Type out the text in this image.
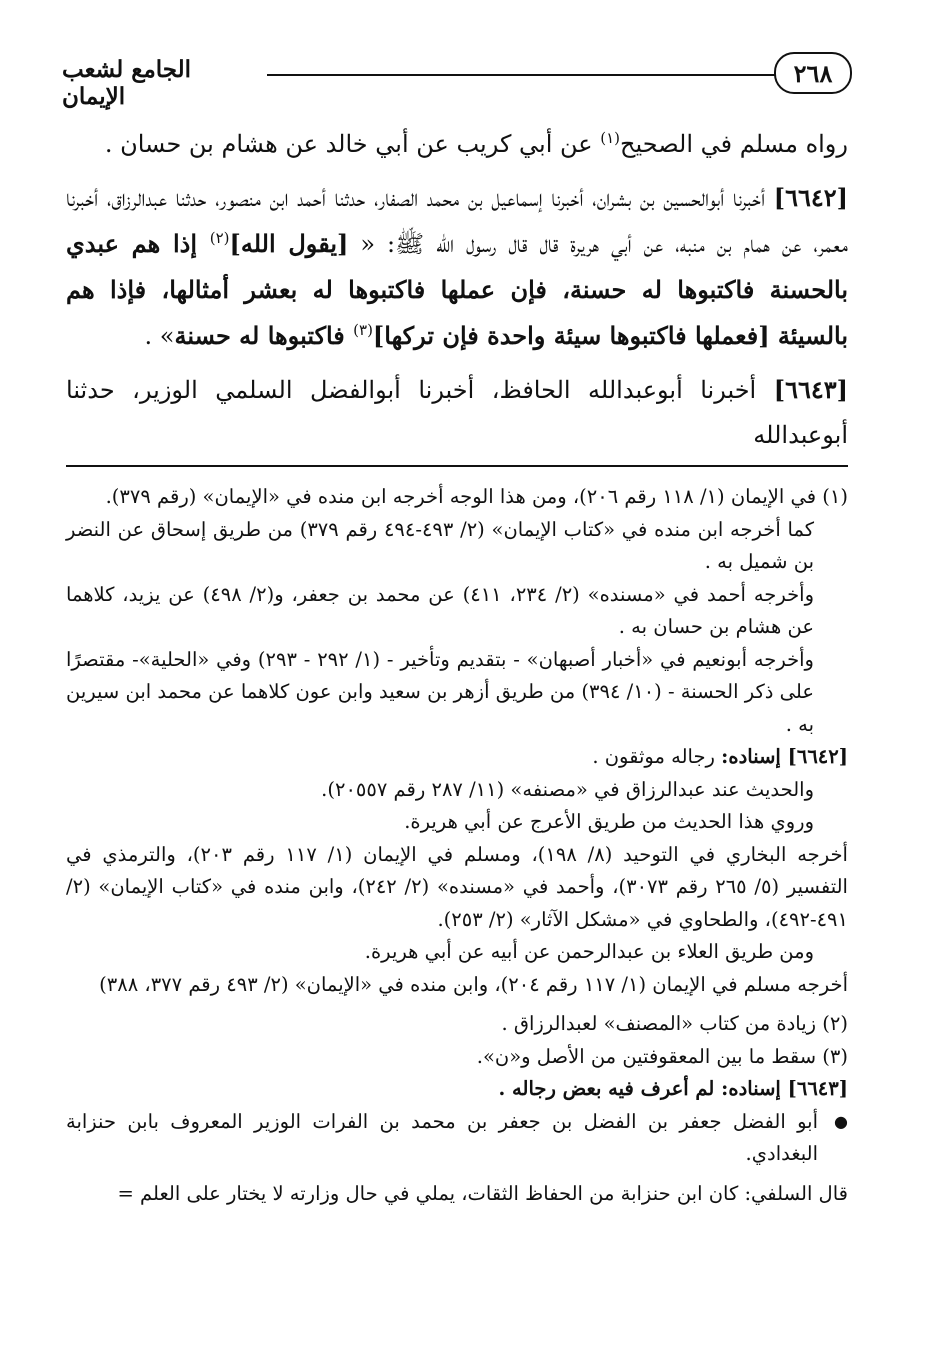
٢٦٨
الجامع لشعب الإيمان

رواه مسلم في الصحيح$^{(١)}$ عن أبي كريب عن أبي خالد عن هشام بن حسان .

[٦٦٤٢] أخبرنا أبوالحسين بن بشران، أخبرنا إسماعيل بن محمد الصفار، حدثنا أحمد ابن منصور، حدثنا عبدالرزاق، أخبرنا معمر، عن همام بن منبه، عن أبي هريرة قال قال رسول الله ﷺ: « [يقول الله]$^{(٢)}$ إذا هم عبدي بالحسنة فاكتبوها له حسنة، فإن عملها فاكتبوها له بعشر أمثالها، فإذا هم بالسيئة [فعملها فاكتبوها سيئة واحدة فإن تركها]$^{(٣)}$ فاكتبوها له حسنة» .

[٦٦٤٣] أخبرنا أبوعبدالله الحافظ، أخبرنا أبوالفضل السلمي الوزير، حدثنا أبوعبدالله

(١) في الإيمان (١/ ١١٨ رقم ٢٠٦)، ومن هذا الوجه أخرجه ابن منده في «الإيمان» (رقم ٣٧٩).

كما أخرجه ابن منده في «كتاب الإيمان» (٢/ ٤٩٣-٤٩٤ رقم ٣٧٩) من طريق إسحاق عن النضر بن شميل به .

وأخرجه أحمد في «مسنده» (٢/ ٢٣٤، ٤١١) عن محمد بن جعفر، و(٢/ ٤٩٨) عن يزيد، كلاهما عن هشام بن حسان به .

وأخرجه أبونعيم في «أخبار أصبهان» - بتقديم وتأخير - (١/ ٢٩٢ - ٢٩٣) وفي «الحلية»- مقتصرًا على ذكر الحسنة - (١٠/ ٣٩٤) من طريق أزهر بن سعيد وابن عون كلاهما عن محمد ابن سيرين به .

[٦٦٤٢] إسناده: رجاله موثقون .

والحديث عند عبدالرزاق في «مصنفه» (١١/ ٢٨٧ رقم ٢٠٥٥٧).

وروي هذا الحديث من طريق الأعرج عن أبي هريرة.

أخرجه البخاري في التوحيد (٨/ ١٩٨)، ومسلم في الإيمان (١/ ١١٧ رقم ٢٠٣)، والترمذي في التفسير (٥/ ٢٦٥ رقم ٣٠٧٣)، وأحمد في «مسنده» (٢/ ٢٤٢)، وابن منده في «كتاب الإيمان» (٢/ ٤٩١-٤٩٢)، والطحاوي في «مشكل الآثار» (٢/ ٢٥٣).

ومن طريق العلاء بن عبدالرحمن عن أبيه عن أبي هريرة.

أخرجه مسلم في الإيمان (١/ ١١٧ رقم ٢٠٤)، وابن منده في «الإيمان» (٢/ ٤٩٣ رقم ٣٧٧، ٣٨٨)

(٢) زيادة من كتاب «المصنف» لعبدالرزاق .

(٣) سقط ما بين المعقوفتين من الأصل و«ن».

[٦٦٤٣] إسناده: لم أعرف فيه بعض رجاله .

●
أبو الفضل جعفر بن الفضل بن جعفر بن محمد بن الفرات الوزير المعروف بابن حنزابة البغدادي.

قال السلفي: كان ابن حنزابة من الحفاظ الثقات، يملي في حال وزارته لا يختار على العلم =
